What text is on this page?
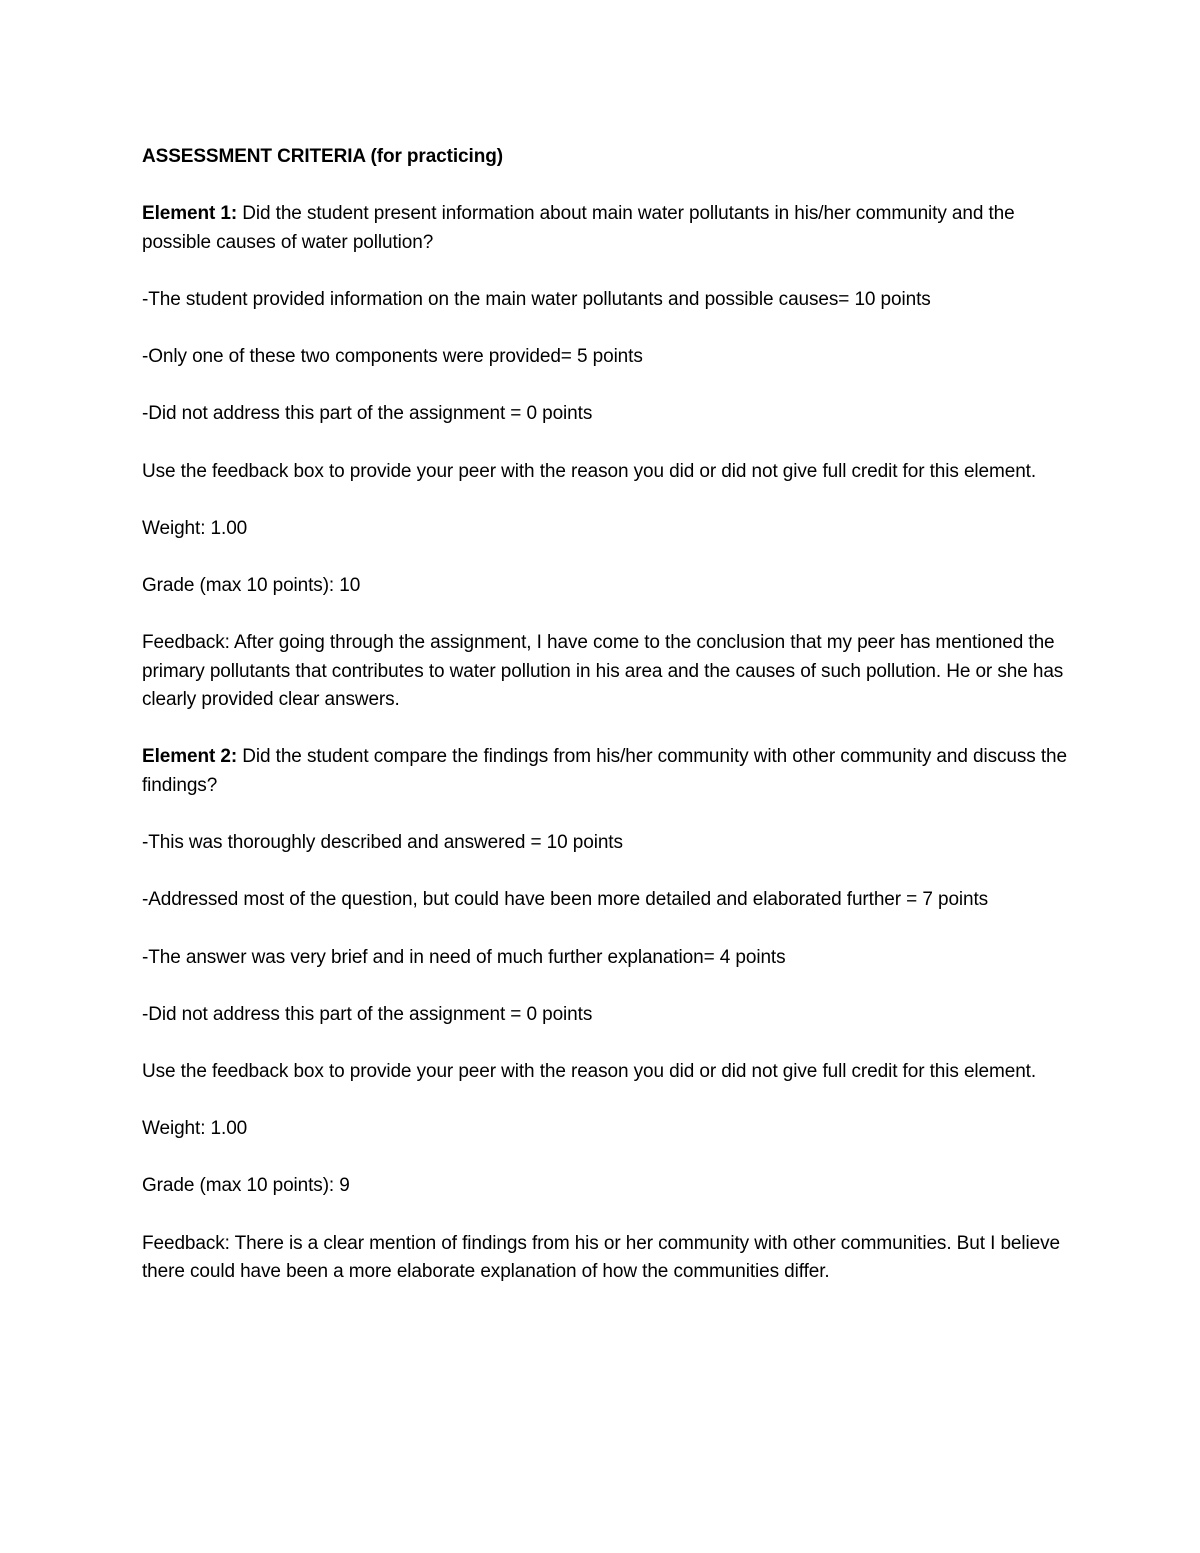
ASSESSMENT CRITERIA (for practicing)

Element 1: Did the student present information about main water pollutants in his/her community and the possible causes of water pollution?

-The student provided information on the main water pollutants and possible causes= 10 points

-Only one of these two components were provided= 5 points

-Did not address this part of the assignment = 0 points

Use the feedback box to provide your peer with the reason you did or did not give full credit for this element.

Weight: 1.00

Grade (max 10 points): 10

Feedback: After going through the assignment, I have come to the conclusion that my peer has mentioned the primary pollutants that contributes to water pollution in his area and the causes of such pollution. He or she has clearly provided clear answers.

Element 2: Did the student compare the findings from his/her community with other community and discuss the findings?

-This was thoroughly described and answered = 10 points

-Addressed most of the question, but could have been more detailed and elaborated further = 7 points

-The answer was very brief and in need of much further explanation= 4 points

-Did not address this part of the assignment = 0 points

Use the feedback box to provide your peer with the reason you did or did not give full credit for this element.

Weight: 1.00

Grade (max 10 points): 9

Feedback: There is a clear mention of findings from his or her community with other communities. But I believe there could have been a more elaborate explanation of how the communities differ.
